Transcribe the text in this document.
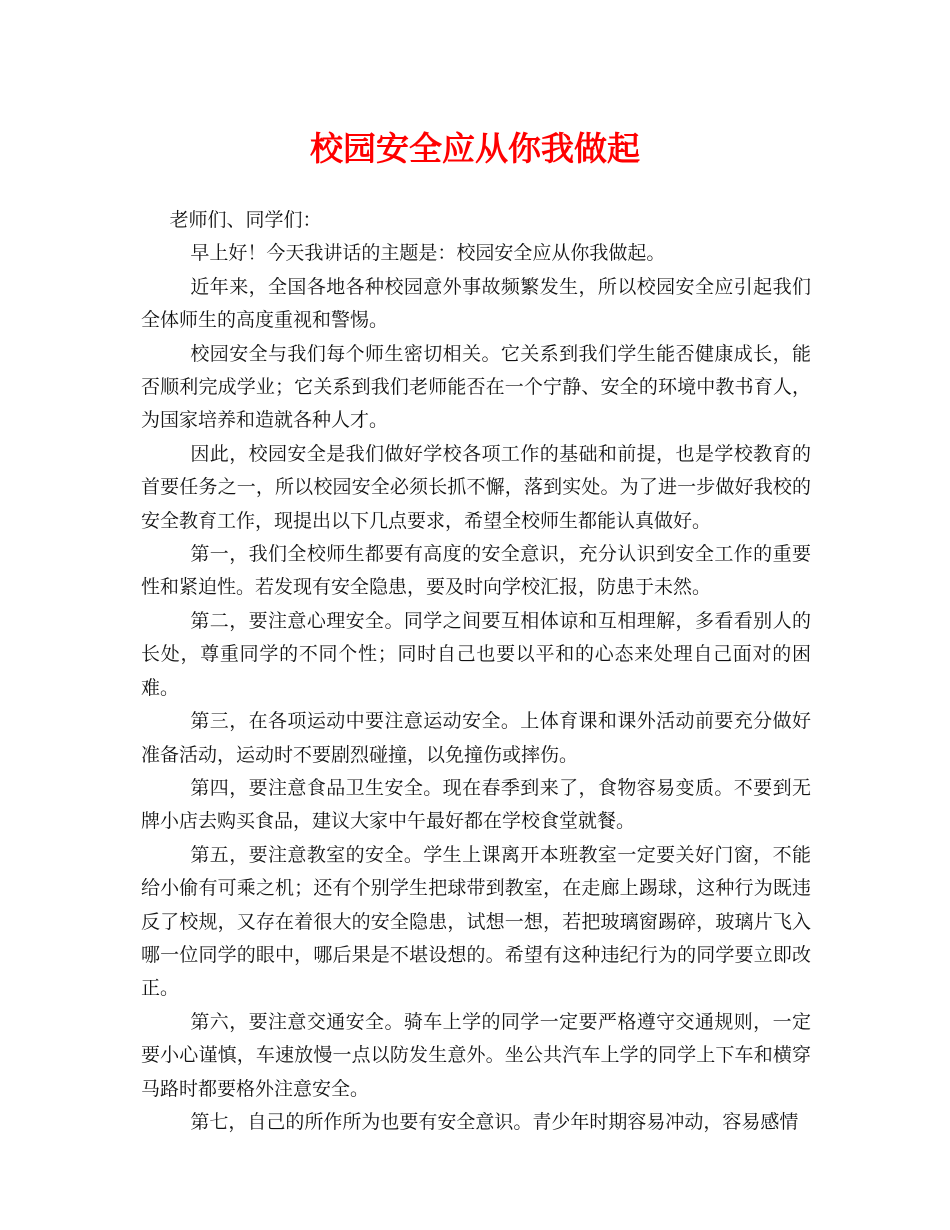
校园安全应从你我做起

老师们、同学们：

早上好！今天我讲话的主题是：校园安全应从你我做起。

近年来，全国各地各种校园意外事故频繁发生，所以校园安全应引起我们全体师生的高度重视和警惕。

校园安全与我们每个师生密切相关。它关系到我们学生能否健康成长，能否顺利完成学业；它关系到我们老师能否在一个宁静、安全的环境中教书育人，为国家培养和造就各种人才。

因此，校园安全是我们做好学校各项工作的基础和前提，也是学校教育的首要任务之一，所以校园安全必须长抓不懈，落到实处。为了进一步做好我校的安全教育工作，现提出以下几点要求，希望全校师生都能认真做好。

第一，我们全校师生都要有高度的安全意识，充分认识到安全工作的重要性和紧迫性。若发现有安全隐患，要及时向学校汇报，防患于未然。

第二，要注意心理安全。同学之间要互相体谅和互相理解，多看看别人的长处，尊重同学的不同个性；同时自己也要以平和的心态来处理自己面对的困难。

第三，在各项运动中要注意运动安全。上体育课和课外活动前要充分做好准备活动，运动时不要剧烈碰撞，以免撞伤或摔伤。

第四，要注意食品卫生安全。现在春季到来了，食物容易变质。不要到无牌小店去购买食品，建议大家中午最好都在学校食堂就餐。

第五，要注意教室的安全。学生上课离开本班教室一定要关好门窗，不能给小偷有可乘之机；还有个别学生把球带到教室，在走廊上踢球，这种行为既违反了校规，又存在着很大的安全隐患，试想一想，若把玻璃窗踢碎，玻璃片飞入哪一位同学的眼中，哪后果是不堪设想的。希望有这种违纪行为的同学要立即改正。

第六，要注意交通安全。骑车上学的同学一定要严格遵守交通规则，一定要小心谨慎，车速放慢一点以防发生意外。坐公共汽车上学的同学上下车和横穿马路时都要格外注意安全。

第七，自己的所作所为也要有安全意识。青少年时期容易冲动，容易感情
